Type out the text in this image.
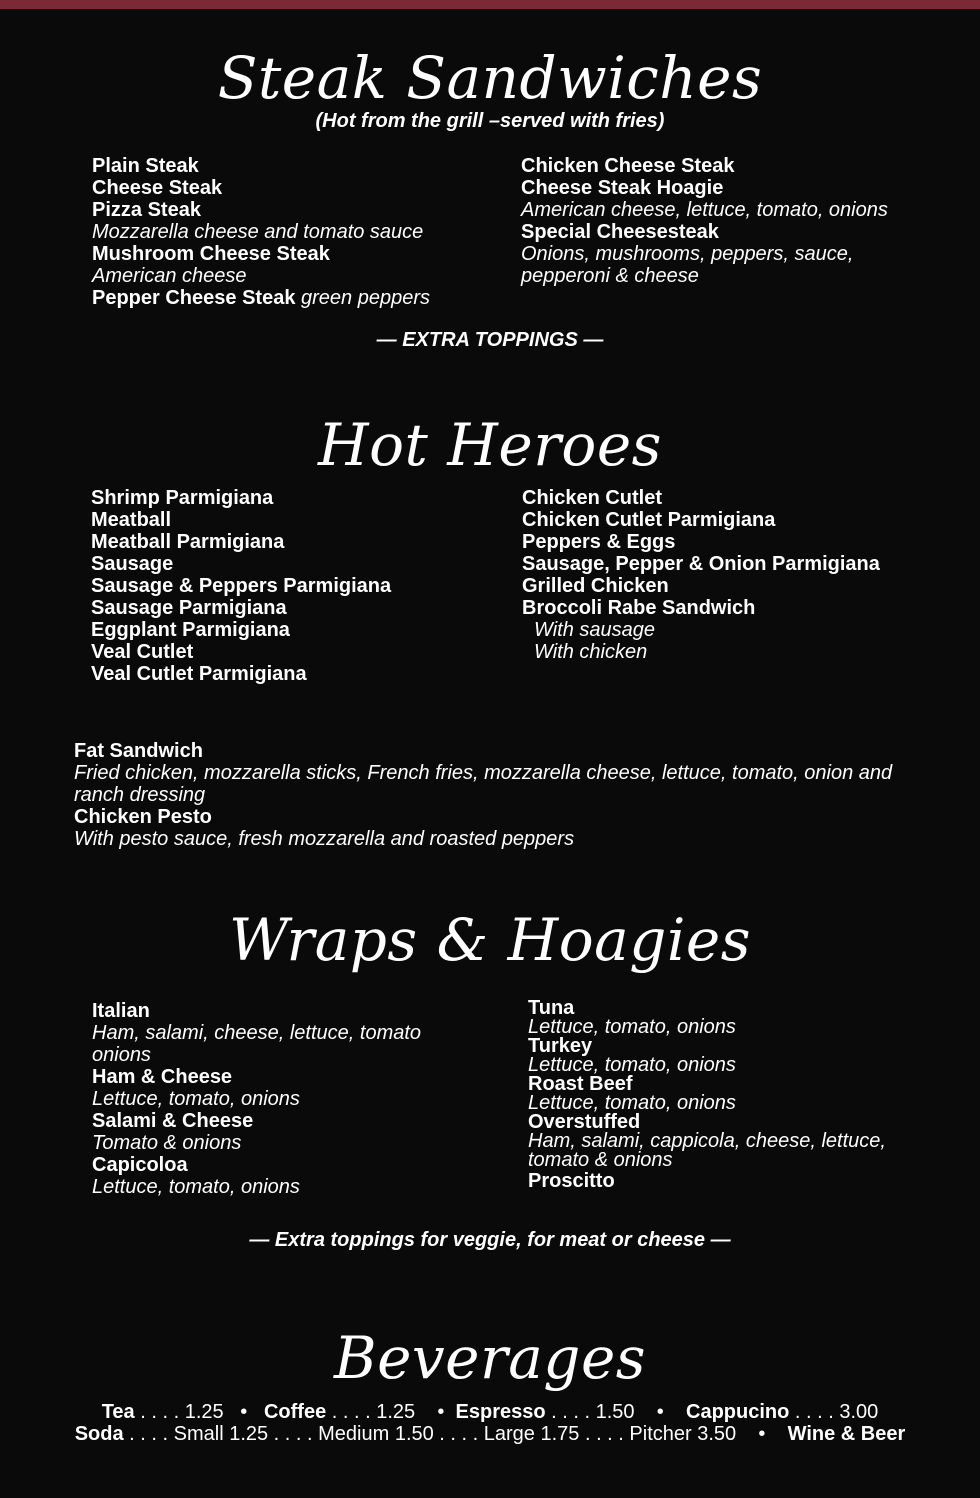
Steak Sandwiches
(Hot from the grill –served with fries)
Plain Steak
Cheese Steak
Pizza Steak
Mozzarella cheese and tomato sauce
Mushroom Cheese Steak
American cheese
Pepper Cheese Steak green peppers
Chicken Cheese Steak
Cheese Steak Hoagie
American cheese, lettuce, tomato, onions
Special Cheesesteak
Onions, mushrooms, peppers, sauce, pepperoni & cheese
— EXTRA TOPPINGS —
Hot Heroes
Shrimp Parmigiana
Meatball
Meatball Parmigiana
Sausage
Sausage & Peppers Parmigiana
Sausage Parmigiana
Eggplant Parmigiana
Veal Cutlet
Veal Cutlet Parmigiana
Chicken Cutlet
Chicken Cutlet Parmigiana
Peppers & Eggs
Sausage, Pepper & Onion Parmigiana
Grilled Chicken
Broccoli Rabe Sandwich
With sausage
With chicken
Fat Sandwich
Fried chicken, mozzarella sticks, French fries, mozzarella cheese, lettuce, tomato, onion and ranch dressing
Chicken Pesto
With pesto sauce, fresh mozzarella and roasted peppers
Wraps & Hoagies
Italian
Ham, salami, cheese, lettuce, tomato onions
Ham & Cheese
Lettuce, tomato, onions
Salami & Cheese
Tomato & onions
Capicoloa
Lettuce, tomato, onions
Tuna
Lettuce, tomato, onions
Turkey
Lettuce, tomato, onions
Roast Beef
Lettuce, tomato, onions
Overstuffed
Ham, salami, cappicola, cheese, lettuce, tomato & onions
Proscitto
— Extra toppings for veggie, for meat or cheese —
Beverages
Tea . . . . 1.25 • Coffee . . . . 1.25 • Espresso . . . . 1.50 • Cappucino . . . . 3.00
Soda . . . . Small 1.25 . . . . Medium 1.50 . . . . Large 1.75 . . . . Pitcher 3.50 • Wine & Beer
